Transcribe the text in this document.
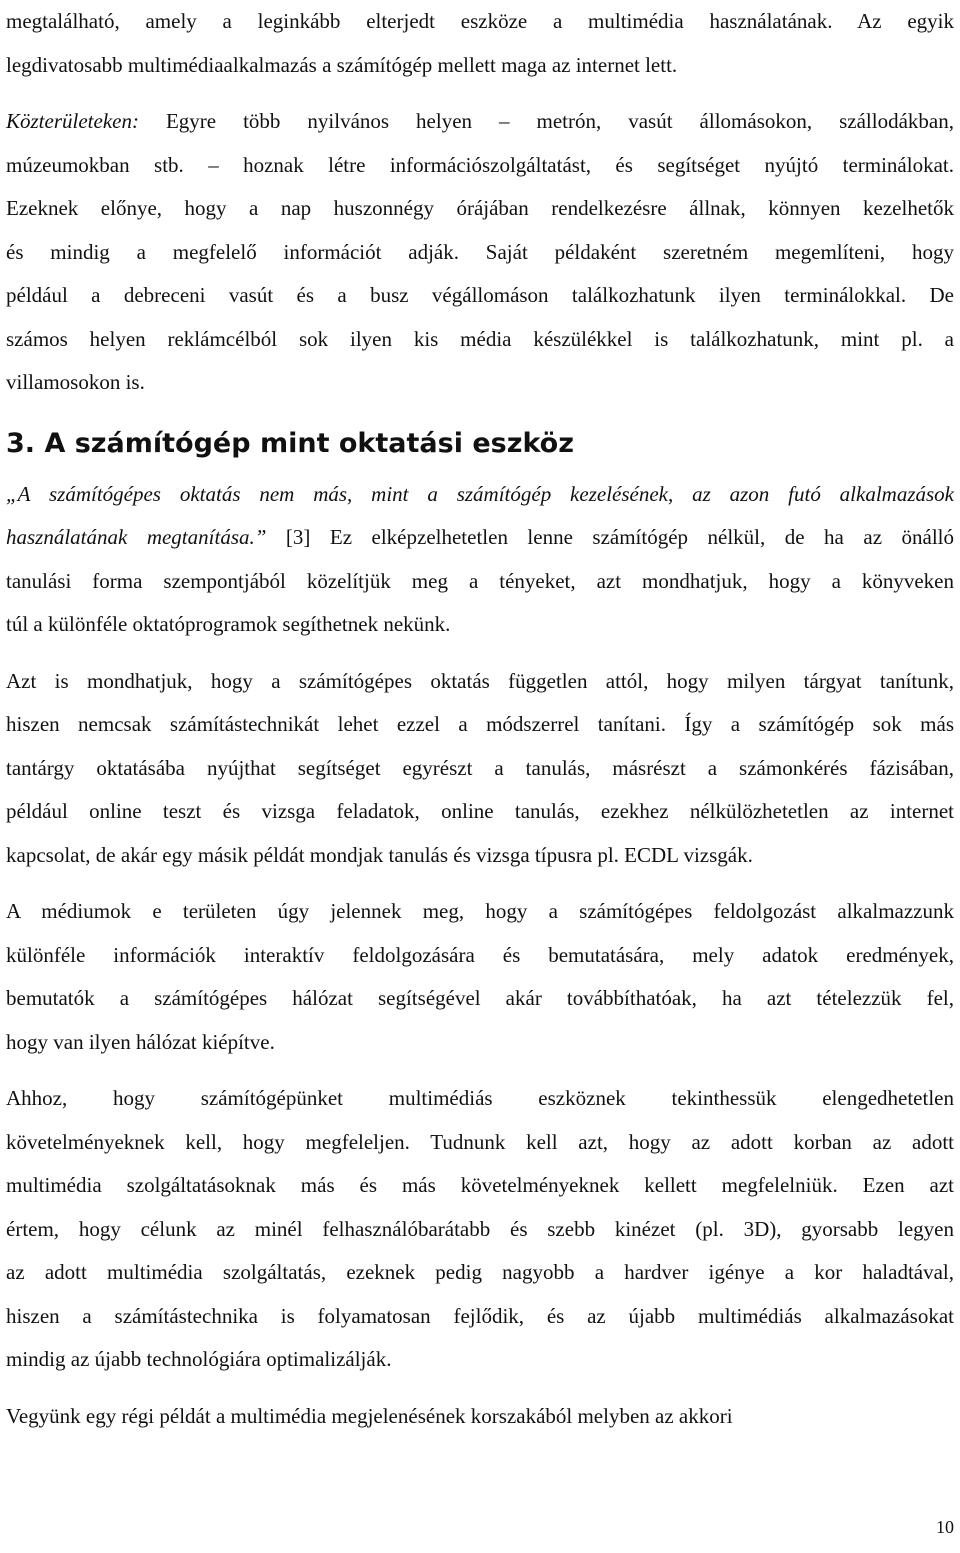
megtalálható, amely a leginkább elterjedt eszköze a multimédia használatának. Az egyik
legdivatosabb multimédiaalkalmazás a számítógép mellett maga az internet lett.
Közterületeken: Egyre több nyilvános helyen – metrón, vasút állomásokon, szállodákban,
múzeumokban stb. – hoznak létre információszolgáltatást, és segítséget nyújtó terminálokat.
Ezeknek előnye, hogy a nap huszonnégy órájában rendelkezésre állnak, könnyen kezelhetők
és mindig a megfelelő információt adják. Saját példaként szeretném megemlíteni, hogy
például a debreceni vasút és a busz végállomáson találkozhatunk ilyen terminálokkal. De
számos helyen reklámcélból sok ilyen kis média készülékkel is találkozhatunk, mint pl. a
villamosokon is.
3. A számítógép mint oktatási eszköz
„A számítógépes oktatás nem más, mint a számítógép kezelésének, az azon futó alkalmazások
használatának megtanítása.” [3] Ez elképzelhetetlen lenne számítógép nélkül, de ha az önálló
tanulási forma szempontjából közelítjük meg a tényeket, azt mondhatjuk, hogy a könyveken
túl a különféle oktatóprogramok segíthetnek nekünk.
Azt is mondhatjuk, hogy a számítógépes oktatás független attól, hogy milyen tárgyat tanítunk,
hiszen nemcsak számítástechnikát lehet ezzel a módszerrel tanítani. Így a számítógép sok más
tantárgy oktatásába nyújthat segítséget egyrészt a tanulás, másrészt a számonkérés fázisában,
például online teszt és vizsga feladatok, online tanulás, ezekhez nélkülözhetetlen az internet
kapcsolat, de akár egy másik példát mondjak tanulás és vizsga típusra pl. ECDL vizsgák.
A médiumok e területen úgy jelennek meg, hogy a számítógépes feldolgozást alkalmazzunk
különféle információk interaktív feldolgozására és bemutatására, mely adatok eredmények,
bemutatók a számítógépes hálózat segítségével akár továbbíthatóak, ha azt tételezzük fel,
hogy van ilyen hálózat kiépítve.
Ahhoz, hogy számítógépünket multimédiás eszköznek tekinthessük elengedhetetlen
követelményeknek kell, hogy megfeleljen. Tudnunk kell azt, hogy az adott korban az adott
multimédia szolgáltatásoknak más és más követelményeknek kellett megfelelniük. Ezen azt
értem, hogy célunk az minél felhasználóbarátabb és szebb kinézet (pl. 3D), gyorsabb legyen
az adott multimédia szolgáltatás, ezeknek pedig nagyobb a hardver igénye a kor haladtával,
hiszen a számítástechnika is folyamatosan fejlődik, és az újabb multimédiás alkalmazásokat
mindig az újabb technológiára optimalizálják.
Vegyünk egy régi példát a multimédia megjelenésének korszakából melyben az akkori
10
